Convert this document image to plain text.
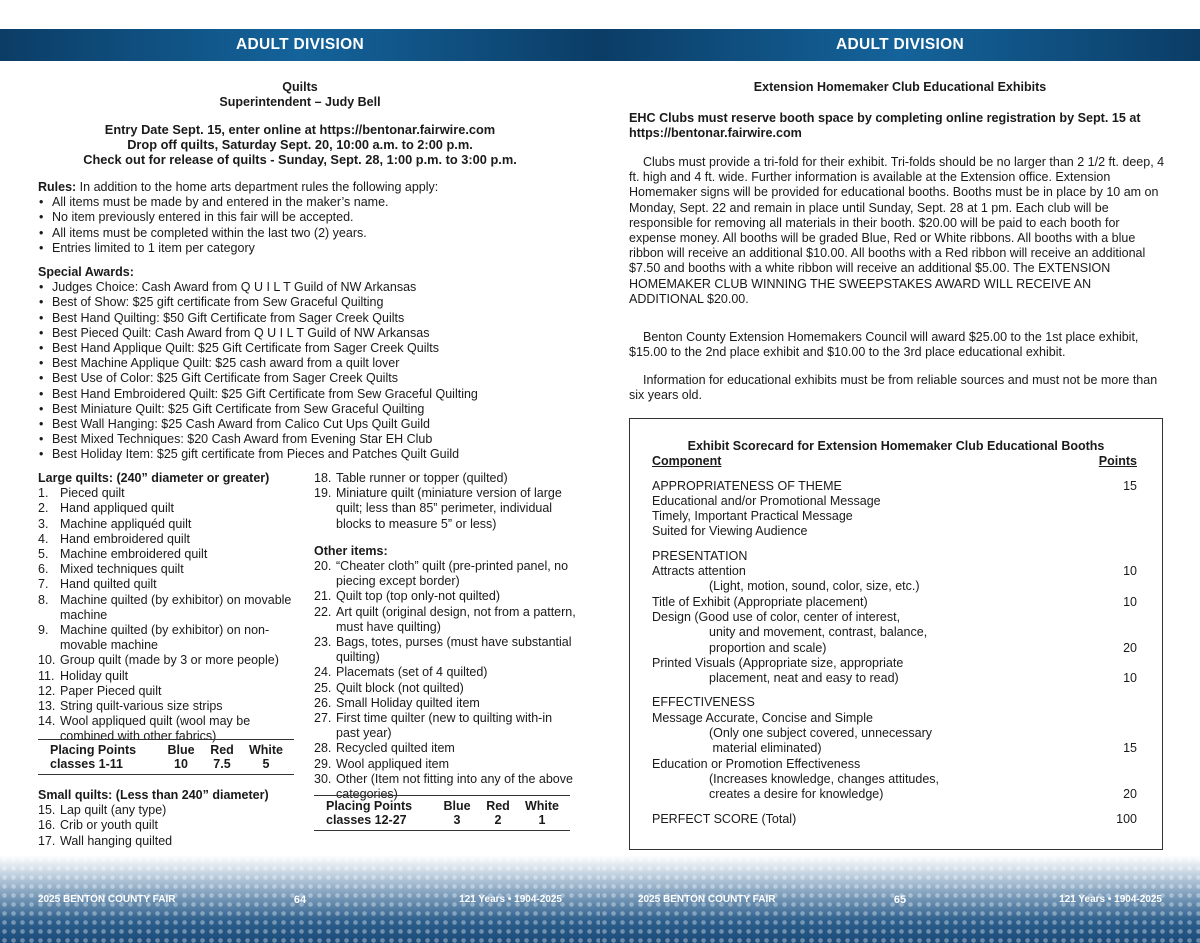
ADULT DIVISION
Quilts
Superintendent – Judy Bell
Entry Date Sept. 15, enter online at https://bentonar.fairwire.com
Drop off quilts, Saturday Sept. 20, 10:00 a.m. to 2:00 p.m.
Check out for release of quilts - Sunday, Sept. 28, 1:00 p.m. to 3:00 p.m.
Rules: In addition to the home arts department rules the following apply:
• All items must be made by and entered in the maker’s name.
• No item previously entered in this fair will be accepted.
• All items must be completed within the last two (2) years.
• Entries limited to 1 item per category
Special Awards:
• Judges Choice: Cash Award from Q U I L T Guild of NW Arkansas
• Best of Show: $25 gift certificate from Sew Graceful Quilting
• Best Hand Quilting: $50 Gift Certificate from Sager Creek Quilts
• Best Pieced Quilt: Cash Award from Q U I L T Guild of NW Arkansas
• Best Hand Applique Quilt: $25 Gift Certificate from Sager Creek Quilts
• Best Machine Applique Quilt: $25 cash award from a quilt lover
• Best Use of Color: $25 Gift Certificate from Sager Creek Quilts
• Best Hand Embroidered Quilt: $25 Gift Certificate from Sew Graceful Quilting
• Best Miniature Quilt: $25 Gift Certificate from Sew Graceful Quilting
• Best Wall Hanging: $25 Cash Award from Calico Cut Ups Quilt Guild
• Best Mixed Techniques: $20 Cash Award from Evening Star EH Club
• Best Holiday Item: $25 gift certificate from Pieces and Patches Quilt Guild
Large quilts: (240” diameter or greater)
1. Pieced quilt
2. Hand appliqued quilt
3. Machine appliquéd quilt
4. Hand embroidered quilt
5. Machine embroidered quilt
6. Mixed techniques quilt
7. Hand quilted quilt
8. Machine quilted (by exhibitor) on movable machine
9. Machine quilted (by exhibitor) on non-movable machine
10. Group quilt (made by 3 or more people)
11. Holiday quilt
12. Paper Pieced quilt
13. String quilt-various size strips
14. Wool appliqued quilt (wool may be combined with other fabrics)
Placing Points	Blue	Red	White
classes 1-11	10	7.5	5
Small quilts: (Less than 240” diameter)
15. Lap quilt (any type)
16. Crib or youth quilt
17. Wall hanging quilted
18. Table runner or topper (quilted)
19. Miniature quilt (miniature version of large quilt; less than 85” perimeter, individual blocks to measure 5” or less)
Other items:
20. “Cheater cloth” quilt (pre-printed panel, no piecing except border)
21. Quilt top (top only-not quilted)
22. Art quilt (original design, not from a pattern, must have quilting)
23. Bags, totes, purses (must have substantial quilting)
24. Placemats (set of 4 quilted)
25. Quilt block (not quilted)
26. Small Holiday quilted item
27. First time quilter (new to quilting with-in past year)
28. Recycled quilted item
29. Wool appliqued item
30. Other (Item not fitting into any of the above categories)
Placing Points	Blue	Red	White
classes 12-27	3	2	1
2025 BENTON COUNTY FAIR	64	121 Years • 1904-2025
ADULT DIVISION
Extension Homemaker Club Educational Exhibits
EHC Clubs must reserve booth space by completing online registration by Sept. 15 at https://bentonar.fairwire.com
Clubs must provide a tri-fold for their exhibit. Tri-folds should be no larger than 2 1/2 ft. deep, 4 ft. high and 4 ft. wide. Further information is available at the Extension office. Extension Homemaker signs will be provided for educational booths. Booths must be in place by 10 am on Monday, Sept. 22 and remain in place until Sunday, Sept. 28 at 1 pm. Each club will be responsible for removing all materials in their booth. $20.00 will be paid to each booth for expense money. All booths will be graded Blue, Red or White ribbons. All booths with a blue ribbon will receive an additional $10.00. All booths with a Red ribbon will receive an additional $7.50 and booths with a white ribbon will receive an additional $5.00. The EXTENSION HOMEMAKER CLUB WINNING THE SWEEPSTAKES AWARD WILL RECEIVE AN ADDITIONAL $20.00.
Benton County Extension Homemakers Council will award $25.00 to the 1st place exhibit, $15.00 to the 2nd place exhibit and $10.00 to the 3rd place educational exhibit.
Information for educational exhibits must be from reliable sources and must not be more than six years old.
Exhibit Scorecard for Extension Homemaker Club Educational Booths
Component	Points
APPROPRIATENESS OF THEME	15
Educational and/or Promotional Message
Timely, Important Practical Message
Suited for Viewing Audience
PRESENTATION
Attracts attention	10
(Light, motion, sound, color, size, etc.)
Title of Exhibit (Appropriate placement)	10
Design (Good use of color, center of interest,
unity and movement, contrast, balance,
proportion and scale)	20
Printed Visuals (Appropriate size, appropriate
placement, neat and easy to read)	10
EFFECTIVENESS
Message Accurate, Concise and Simple
(Only one subject covered, unnecessary
material eliminated)	15
Education or Promotion Effectiveness
(Increases knowledge, changes attitudes,
creates a desire for knowledge)	20
PERFECT SCORE (Total)	100
2025 BENTON COUNTY FAIR	65	121 Years • 1904-2025
